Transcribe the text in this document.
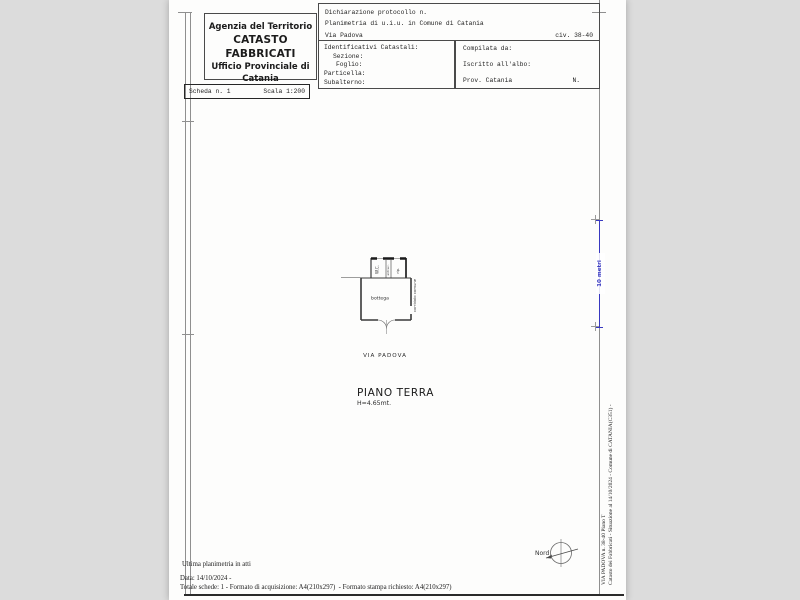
Agenzia del Territorio
CATASTO FABBRICATI
Ufficio Provinciale di
Catania
Dichiarazione protocollo n.
Planimetria di u.i.u. in Comune di Catania
Via Padova	civ. 38-40
Identificativi Catastali:
Sezione:
Foglio:
Particella:
Subalterno:
Compilata da:
Iscritto all'albo:
Prov. Catania	N.
Scheda n. 1	Scala 1:200
W.C. anti w.c. rip.
bottega	corridoio comune
VIA PADOVA
PIANO TERRA
H=4.65mt.
10 metri
Nord	VIA PADOVA n. 38-40 Piano T Catasto dei Fabbricati - Situazione al 14/10/2024 - Comune di CATANIA(C351) -
Ultima planimetria in atti
Data: 14/10/2024 -
Totale schede: 1 - Formato di acquisizione: A4(210x297)  - Formato stampa richiesto: A4(210x297)
